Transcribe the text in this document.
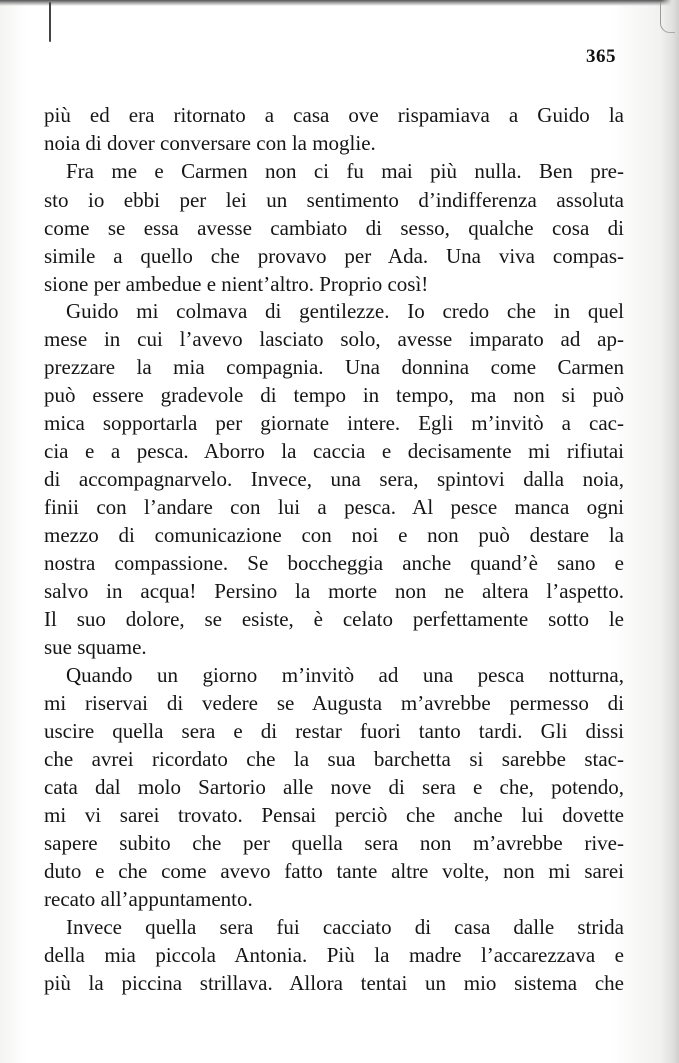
365
più ed era ritornato a casa ove rispamiava a Guido la
noia di dover conversare con la moglie.
Fra me e Carmen non ci fu mai più nulla. Ben pre-
sto io ebbi per lei un sentimento d’indifferenza assoluta
come se essa avesse cambiato di sesso, qualche cosa di
simile a quello che provavo per Ada. Una viva compas-
sione per ambedue e nient’altro. Proprio così!
Guido mi colmava di gentilezze. Io credo che in quel
mese in cui l’avevo lasciato solo, avesse imparato ad ap-
prezzare la mia compagnia. Una donnina come Carmen
può essere gradevole di tempo in tempo, ma non si può
mica sopportarla per giornate intere. Egli m’invitò a cac-
cia e a pesca. Aborro la caccia e decisamente mi rifiutai
di accompagnarvelo. Invece, una sera, spintovi dalla noia,
finii con l’andare con lui a pesca. Al pesce manca ogni
mezzo di comunicazione con noi e non può destare la
nostra compassione. Se boccheggia anche quand’è sano e
salvo in acqua! Persino la morte non ne altera l’aspetto.
Il suo dolore, se esiste, è celato perfettamente sotto le
sue squame.
Quando un giorno m’invitò ad una pesca notturna,
mi riservai di vedere se Augusta m’avrebbe permesso di
uscire quella sera e di restar fuori tanto tardi. Gli dissi
che avrei ricordato che la sua barchetta si sarebbe stac-
cata dal molo Sartorio alle nove di sera e che, potendo,
mi vi sarei trovato. Pensai perciò che anche lui dovette
sapere subito che per quella sera non m’avrebbe rive-
duto e che come avevo fatto tante altre volte, non mi sarei
recato all’appuntamento.
Invece quella sera fui cacciato di casa dalle strida
della mia piccola Antonia. Più la madre l’accarezzava e
più la piccina strillava. Allora tentai un mio sistema che
